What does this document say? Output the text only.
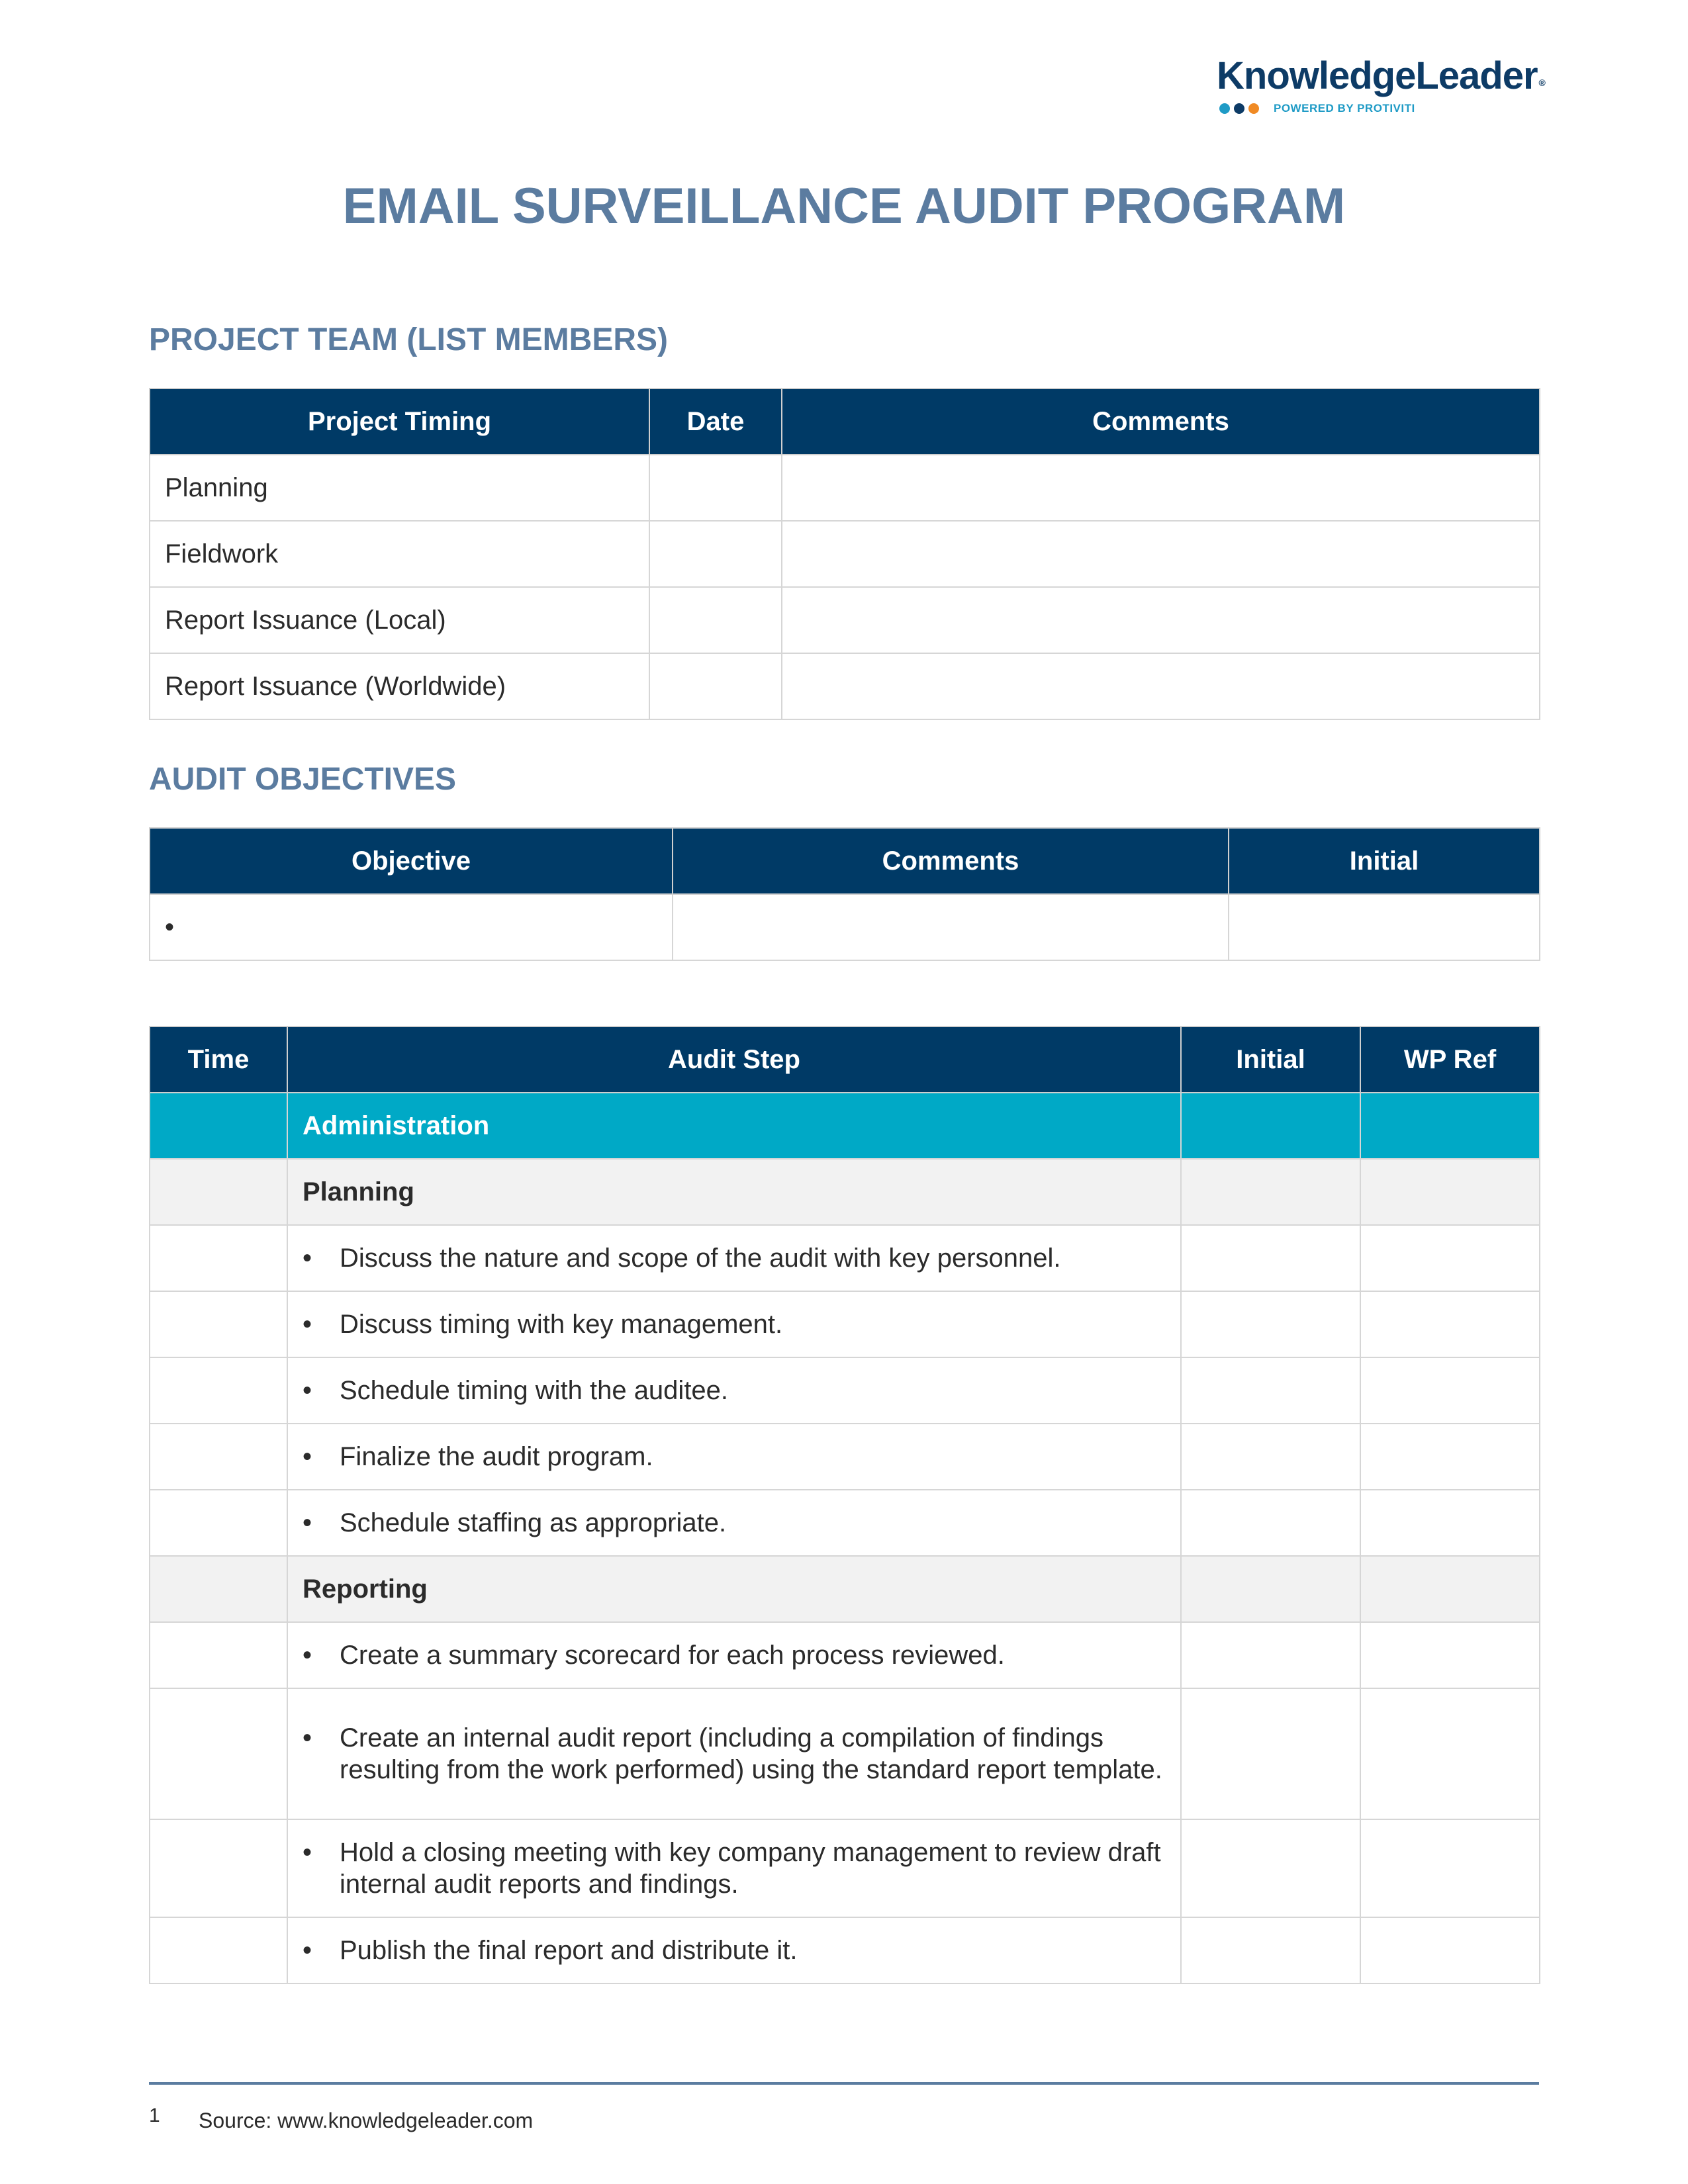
KnowledgeLeader ®
POWERED BY PROTIVITI
EMAIL SURVEILLANCE AUDIT PROGRAM
PROJECT TEAM (LIST MEMBERS)
Project Timing	Date	Comments
Planning		
Fieldwork		
Report Issuance (Local)		
Report Issuance (Worldwide)		
AUDIT OBJECTIVES
Objective	Comments	Initial
•		
Time	Audit Step	Initial	WP Ref
	Administration		
	Planning		

	• Discuss the nature and scope of the audit with key personnel.		

	• Discuss timing with key management.		

	• Schedule timing with the auditee.		

	• Finalize the audit program.		

	• Schedule staffing as appropriate.		

	Reporting		

	• Create a summary scorecard for each process reviewed.		

	• Create an internal audit report (including a compilation of findings resulting from the work performed) using the standard report template.		

	• Hold a closing meeting with key company management to review draft internal audit reports and findings.		

	• Publish the final report and distribute it.		

1 Source: www.knowledgeleader.com
